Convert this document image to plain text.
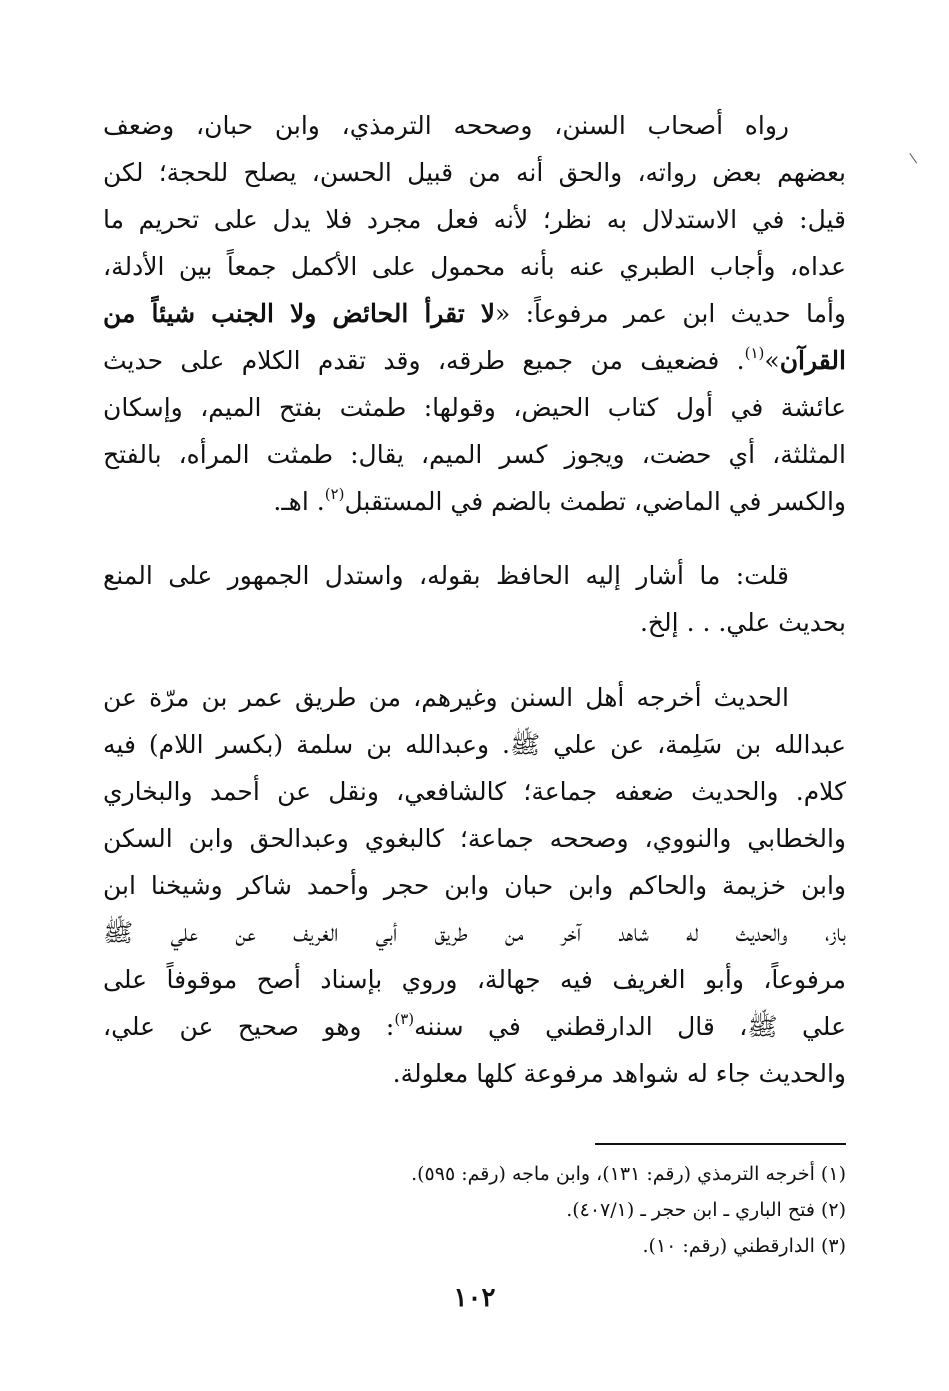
رواه أصحاب السنن، وصححه الترمذي، وابن حبان، وضعف
بعضهم بعض رواته، والحق أنه من قبيل الحسن، يصلح للحجة؛ لكن
قيل: في الاستدلال به نظر؛ لأنه فعل مجرد فلا يدل على تحريم ما
عداه، وأجاب الطبري عنه بأنه محمول على الأكمل جمعاً بين الأدلة،
وأما حديث ابن عمر مرفوعاً: «لا تقرأ الحائض ولا الجنب شيئاً من
القرآن»$^{(١)}$. فضعيف من جميع طرقه، وقد تقدم الكلام على حديث
عائشة في أول كتاب الحيض، وقولها: طمثت بفتح الميم، وإسكان
المثلثة، أي حضت، ويجوز كسر الميم، يقال: طمثت المرأه، بالفتح
والكسر في الماضي، تطمث بالضم في المستقبل$^{(٢)}$. اهـ.

قلت: ما أشار إليه الحافظ بقوله، واستدل الجمهور على المنع
بحديث علي. . . إلخ.

الحديث أخرجه أهل السنن وغيرهم، من طريق عمر بن مرّة عن
عبدالله بن سَلِمة، عن علي ﷺ. وعبدالله بن سلمة (بكسر اللام) فيه
كلام. والحديث ضعفه جماعة؛ كالشافعي، ونقل عن أحمد والبخاري
والخطابي والنووي، وصححه جماعة؛ كالبغوي وعبدالحق وابن السكن
وابن خزيمة والحاكم وابن حبان وابن حجر وأحمد شاكر وشيخنا ابن
باز، والحديث له شاهد آخر من طريق أبي الغريف عن علي ﷺ
مرفوعاً، وأبو الغريف فيه جهالة، وروي بإسناد أصح موقوفاً على
علي ﷺ، قال الدارقطني في سننه$^{(٣)}$: وهو صحيح عن علي،
والحديث جاء له شواهد مرفوعة كلها معلولة.

(١) أخرجه الترمذي (رقم: ١٣١)، وابن ماجه (رقم: ٥٩٥).
(٢) فتح الباري ـ ابن حجر ـ (٤٠٧/١).
(٣) الدارقطني (رقم: ١٠).
١٠٢
